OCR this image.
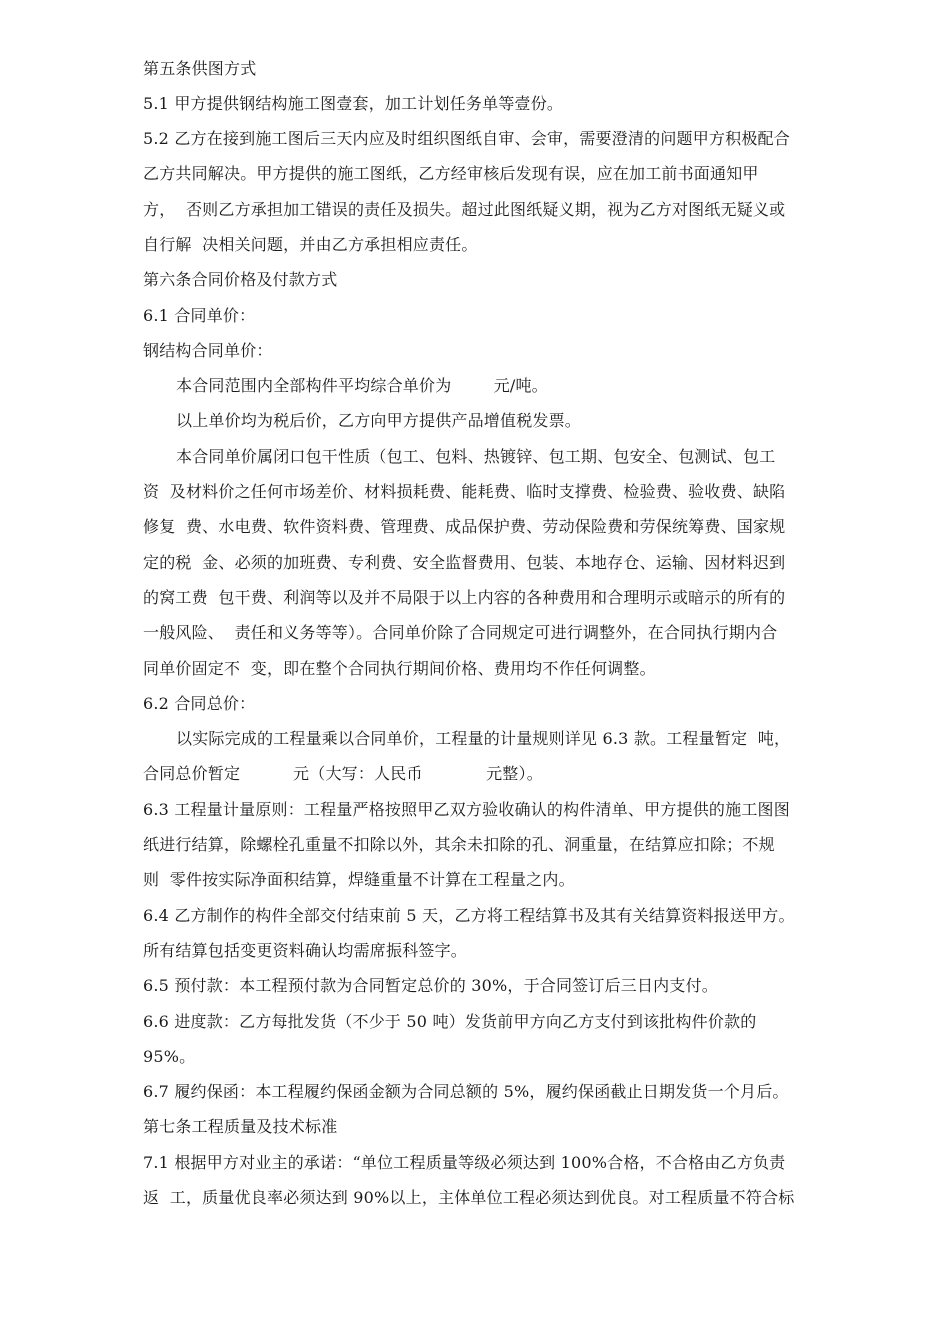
第五条供图方式
5.1 甲方提供钢结构施工图壹套，加工计划任务单等壹份。
5.2 乙方在接到施工图后三天内应及时组织图纸自审、会审，需要澄清的问题甲方积极配合
乙方共同解决。甲方提供的施工图纸，乙方经审核后发现有误，应在加工前书面通知甲
方，  否则乙方承担加工错误的责任及损失。超过此图纸疑义期，视为乙方对图纸无疑义或
自行解  决相关问题，并由乙方承担相应责任。
第六条合同价格及付款方式
6.1 合同单价：
钢结构合同单价：
本合同范围内全部构件平均综合单价为        元/吨。
以上单价均为税后价，乙方向甲方提供产品增值税发票。
本合同单价属闭口包干性质（包工、包料、热镀锌、包工期、包安全、包测试、包工
资  及材料价之任何市场差价、材料损耗费、能耗费、临时支撑费、检验费、验收费、缺陷
修复  费、水电费、软件资料费、管理费、成品保护费、劳动保险费和劳保统筹费、国家规
定的税  金、必须的加班费、专利费、安全监督费用、包装、本地存仓、运输、因材料迟到
的窝工费  包干费、利润等以及并不局限于以上内容的各种费用和合理明示或暗示的所有的
一般风险、  责任和义务等等）。合同单价除了合同规定可进行调整外，在合同执行期内合
同单价固定不  变，即在整个合同执行期间价格、费用均不作任何调整。
6.2 合同总价：
以实际完成的工程量乘以合同单价，工程量的计量规则详见 6.3 款。工程量暂定  吨，
合同总价暂定          元（大写：人民币            元整）。
6.3 工程量计量原则：工程量严格按照甲乙双方验收确认的构件清单、甲方提供的施工图图
纸进行结算，除螺栓孔重量不扣除以外，其余未扣除的孔、洞重量，在结算应扣除；不规
则  零件按实际净面积结算，焊缝重量不计算在工程量之内。
6.4 乙方制作的构件全部交付结束前 5 天，乙方将工程结算书及其有关结算资料报送甲方。
所有结算包括变更资料确认均需席振科签字。
6.5 预付款：本工程预付款为合同暂定总价的 30%，于合同签订后三日内支付。
6.6 进度款：乙方每批发货（不少于 50 吨）发货前甲方向乙方支付到该批构件价款的
95%。
6.7 履约保函：本工程履约保函金额为合同总额的 5%，履约保函截止日期发货一个月后。
第七条工程质量及技术标准
7.1 根据甲方对业主的承诺：“单位工程质量等级必须达到 100%合格，不合格由乙方负责
返  工，质量优良率必须达到 90%以上，主体单位工程必须达到优良。对工程质量不符合标
